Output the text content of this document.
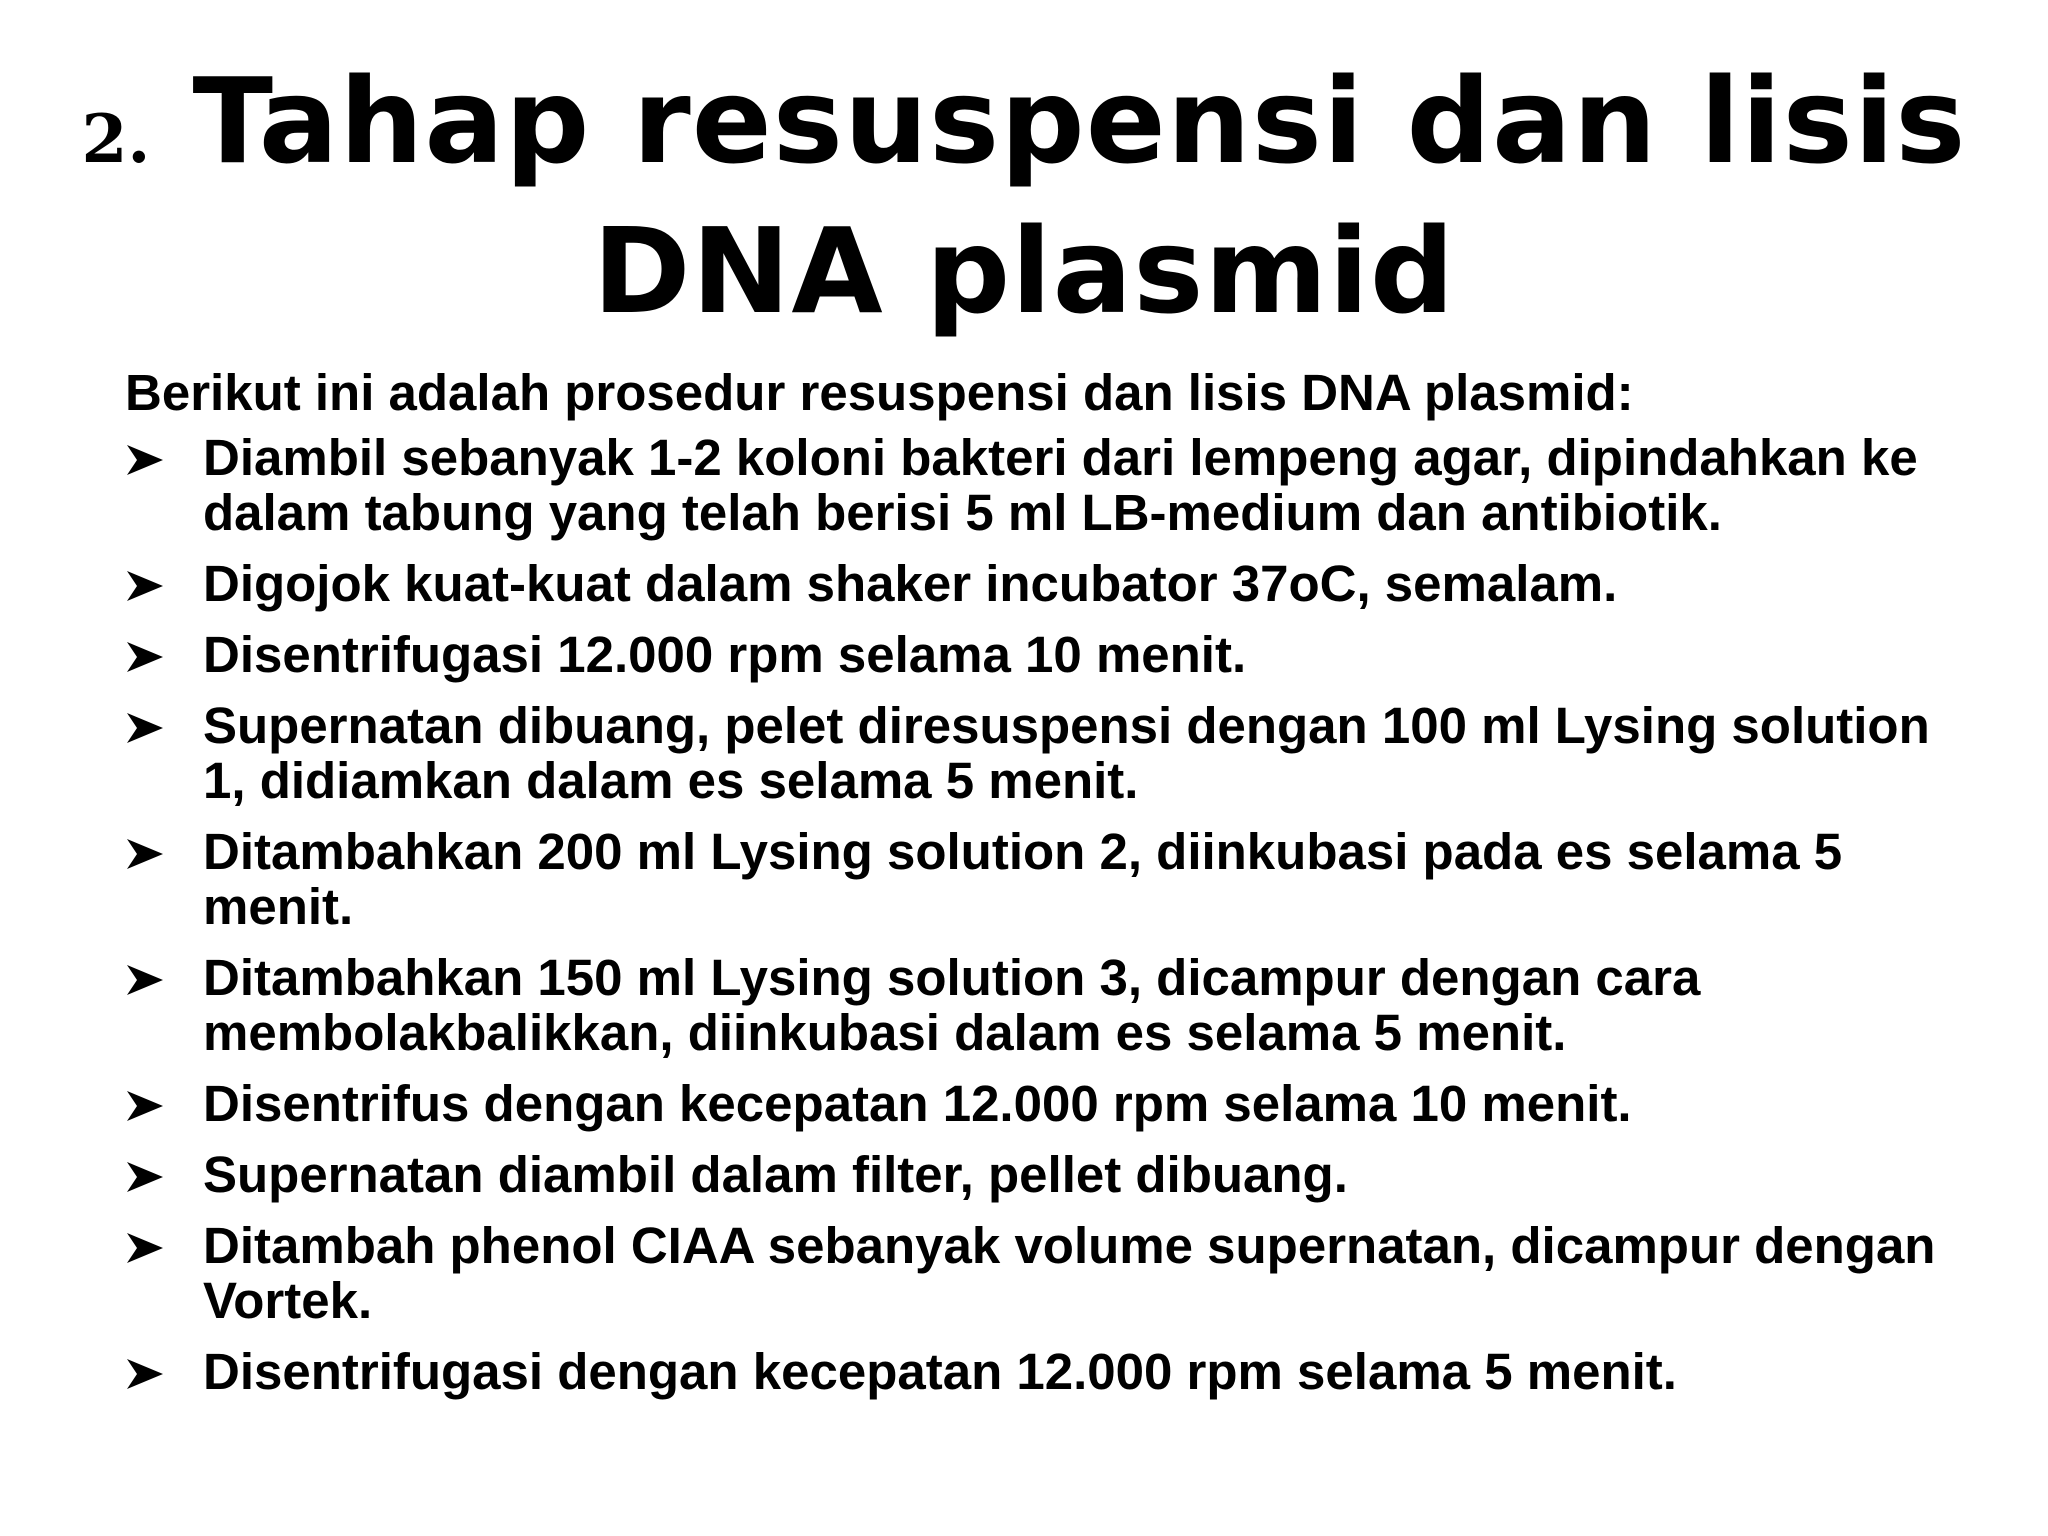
2. Tahap resuspensi dan lisis DNA plasmid
Berikut ini adalah prosedur resuspensi dan lisis DNA plasmid:
Diambil sebanyak 1-2 koloni bakteri dari lempeng agar, dipindahkan ke dalam tabung yang telah berisi 5 ml LB-medium dan antibiotik.
Digojok kuat-kuat dalam shaker incubator 37oC, semalam.
Disentrifugasi 12.000 rpm selama 10 menit.
Supernatan dibuang, pelet diresuspensi dengan 100 ml Lysing solution 1, didiamkan dalam es selama 5 menit.
Ditambahkan 200 ml Lysing solution 2, diinkubasi pada es selama 5 menit.
Ditambahkan 150 ml Lysing solution 3, dicampur dengan cara membolakbalikkan, diinkubasi dalam es selama 5 menit.
Disentrifus dengan kecepatan 12.000 rpm selama 10 menit.
Supernatan diambil dalam filter, pellet dibuang.
Ditambah phenol CIAA sebanyak volume supernatan, dicampur dengan Vortek.
Disentrifugasi dengan kecepatan 12.000 rpm selama 5 menit.
